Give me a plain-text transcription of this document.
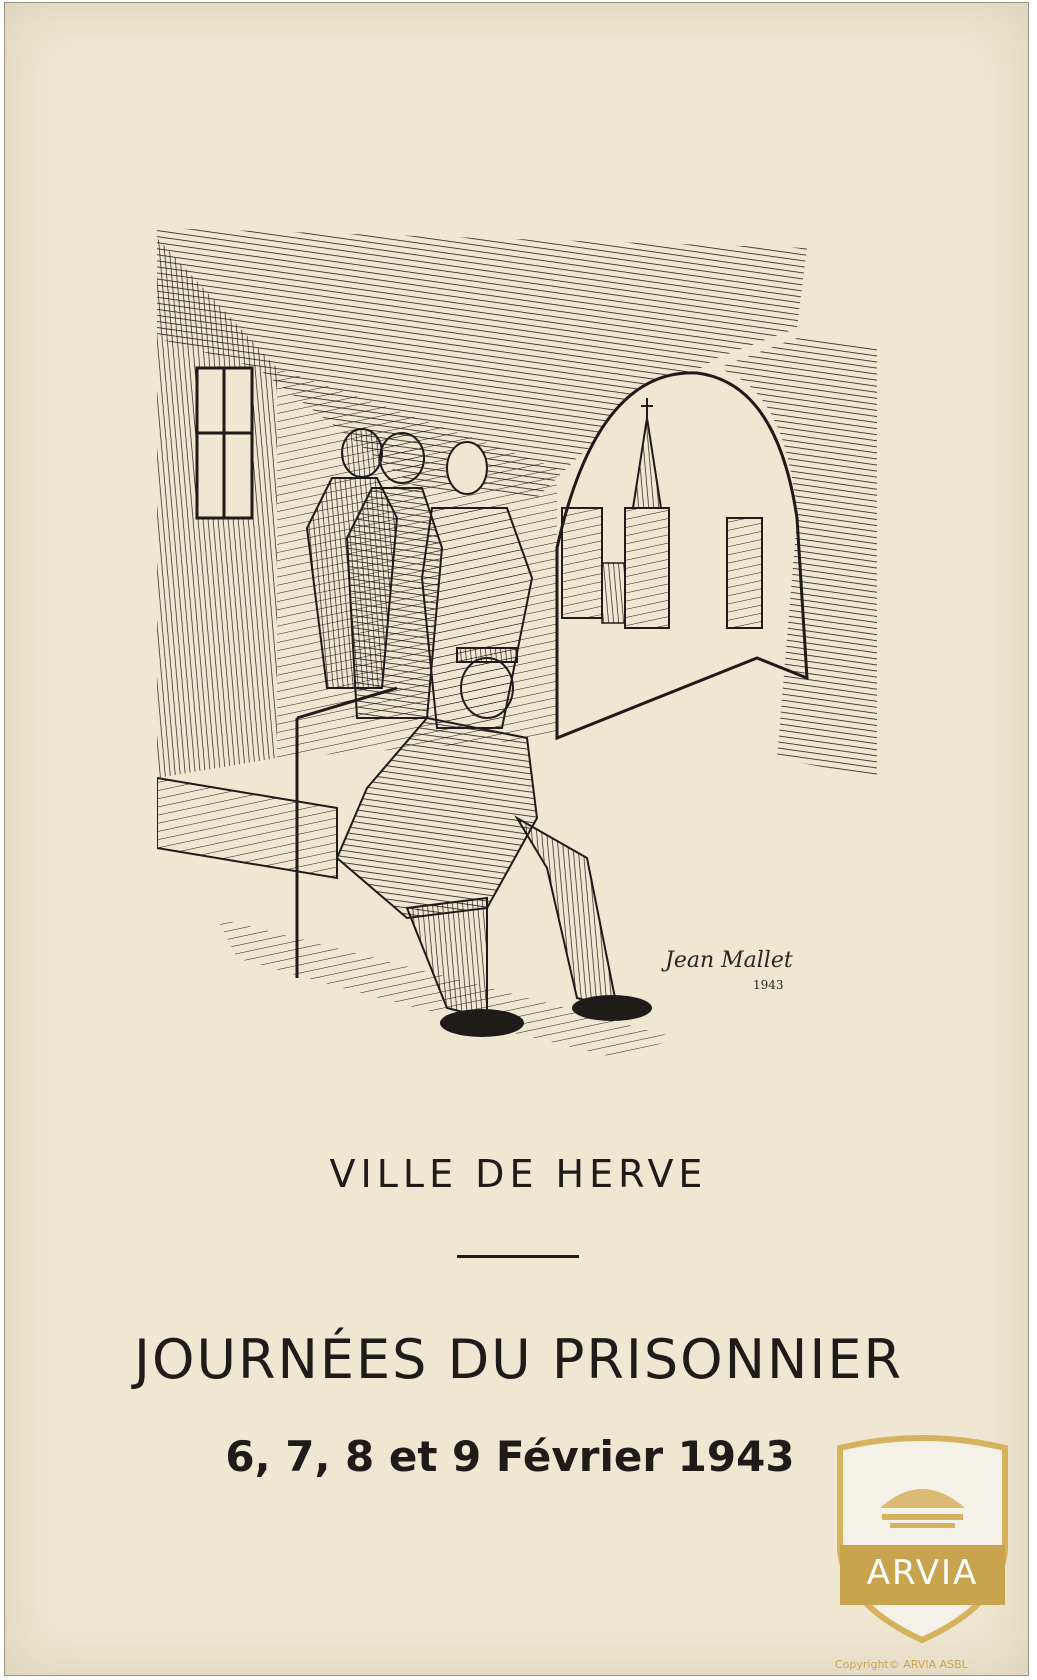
Jean Mallet
1943
VILLE DE HERVE
JOURNÉES DU PRISONNIER
6, 7, 8 et 9 Février 1943
ARVIA
Copyright© ARVIA ASBL
